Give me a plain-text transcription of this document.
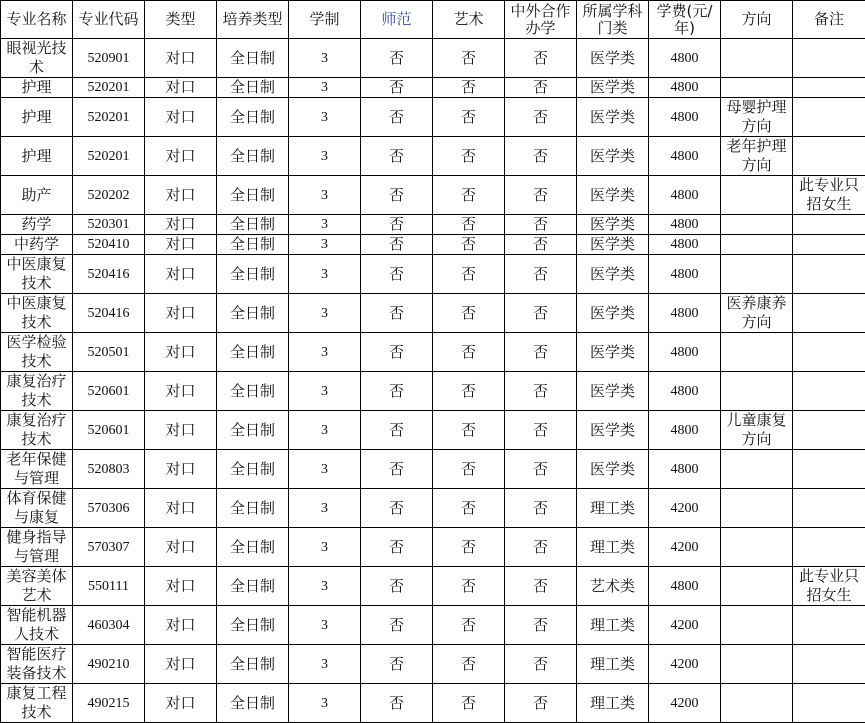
专业名称	专业代码	类型	培养类型	学制	师范	艺术	中外合作办学	所属学科门类	学费(元/年)	方向	备注
眼视光技术	520901	对口	全日制	3	否	否	否	医学类	4800		
护理	520201	对口	全日制	3	否	否	否	医学类	4800		
护理	520201	对口	全日制	3	否	否	否	医学类	4800	母婴护理方向	
护理	520201	对口	全日制	3	否	否	否	医学类	4800	老年护理方向	
助产	520202	对口	全日制	3	否	否	否	医学类	4800		此专业只招女生
药学	520301	对口	全日制	3	否	否	否	医学类	4800		
中药学	520410	对口	全日制	3	否	否	否	医学类	4800		
中医康复技术	520416	对口	全日制	3	否	否	否	医学类	4800		
中医康复技术	520416	对口	全日制	3	否	否	否	医学类	4800	医养康养方向	
医学检验技术	520501	对口	全日制	3	否	否	否	医学类	4800		
康复治疗技术	520601	对口	全日制	3	否	否	否	医学类	4800		
康复治疗技术	520601	对口	全日制	3	否	否	否	医学类	4800	儿童康复方向	
老年保健与管理	520803	对口	全日制	3	否	否	否	医学类	4800		
体育保健与康复	570306	对口	全日制	3	否	否	否	理工类	4200		
健身指导与管理	570307	对口	全日制	3	否	否	否	理工类	4200		
美容美体艺术	550111	对口	全日制	3	否	否	否	艺术类	4800		此专业只招女生
智能机器人技术	460304	对口	全日制	3	否	否	否	理工类	4200		
智能医疗装备技术	490210	对口	全日制	3	否	否	否	理工类	4200		
康复工程技术	490215	对口	全日制	3	否	否	否	理工类	4200		
